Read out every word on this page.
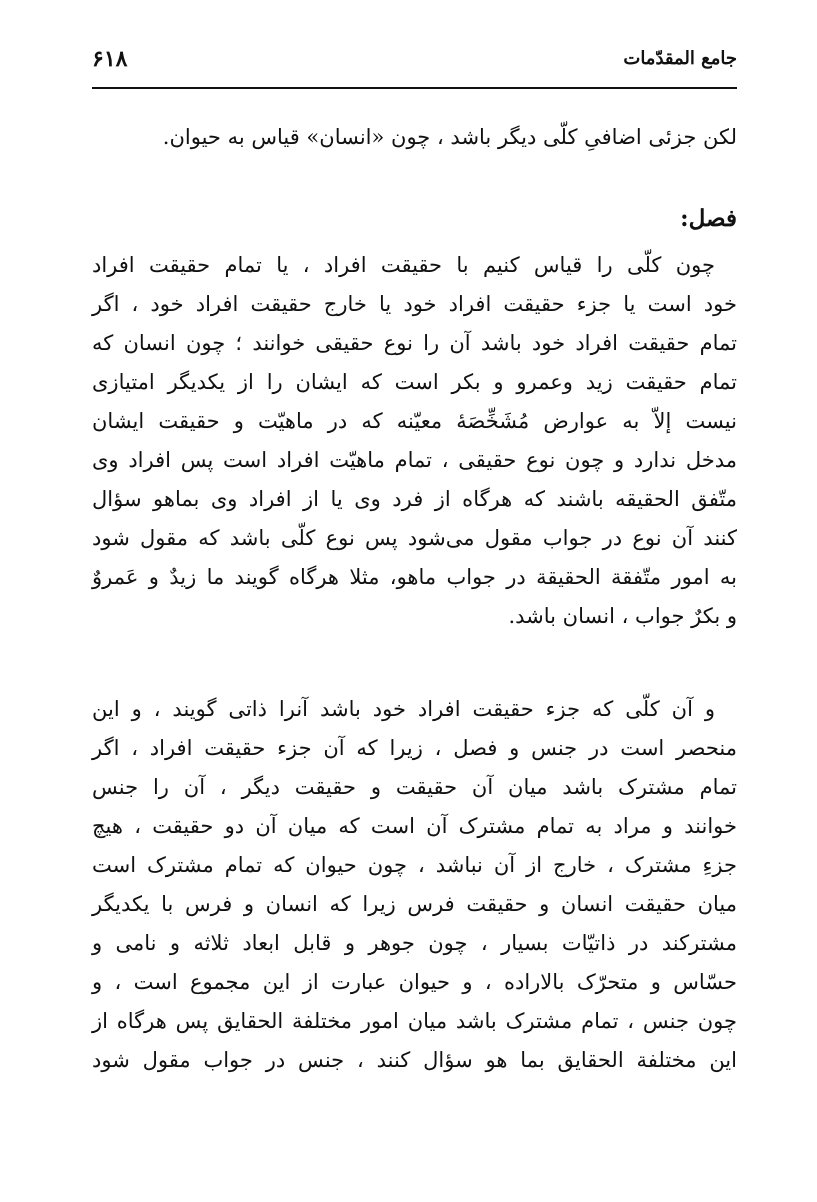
۶۱۸	جامع المقدّمات
لکن جزئی اضافیِ کلّی دیگر باشد ، چون «انسان» قیاس به حیوان.
فصل:
چون کلّی را قیاس کنیم با حقیقت افراد ، یا تمام حقیقت افراد
خود است یا جزء حقیقت افراد خود یا خارج حقیقت افراد خود ، اگر
تمام حقیقت افراد خود باشد آن را نوع حقیقی خوانند ؛ چون انسان که
تمام حقیقت زید وعمرو و بکر است که ایشان را از یکدیگر امتیازی
نیست إلاّ به عوارض مُشَخِّصَهٔ معیّنه که در ماهیّت و حقیقت ایشان
مدخل ندارد و چون نوع حقیقی ، تمام ماهیّت افراد است پس افراد وی
متّفق الحقیقه باشند که هرگاه از فرد وی یا از افراد وی بماهو سؤال
کنند آن نوع در جواب مقول می‌شود پس نوع کلّی باشد که مقول شود
به امور متّفقة الحقيقة در جواب ماهو، مثلا هرگاه گویند ما زیدٌ و عَمروٌ
و بکرٌ جواب ، انسان باشد.
و آن کلّی که جزء حقیقت افراد خود باشد آنرا ذاتی گویند ، و این
منحصر است در جنس و فصل ، زیرا که آن جزء حقیقت افراد ، اگر
تمام مشترک باشد میان آن حقیقت و حقیقت دیگر ، آن را جنس
خوانند و مراد به تمام مشترک آن است که میان آن دو حقیقت ، هیچ
جزءِ مشترک ، خارج از آن نباشد ، چون حیوان که تمام مشترک است
میان حقیقت انسان و حقیقت فرس زیرا که انسان و فرس با یکدیگر
مشترکند در ذاتیّات بسیار ، چون جوهر و قابل ابعاد ثلاثه و نامی و
حسّاس و متحرّک بالاراده ، و حیوان عبارت از این مجموع است ، و
چون جنس ، تمام مشترک باشد میان امور مختلفة الحقايق پس هرگاه از
این مختلفة الحقایق بما هو سؤال کنند ، جنس در جواب مقول شود
